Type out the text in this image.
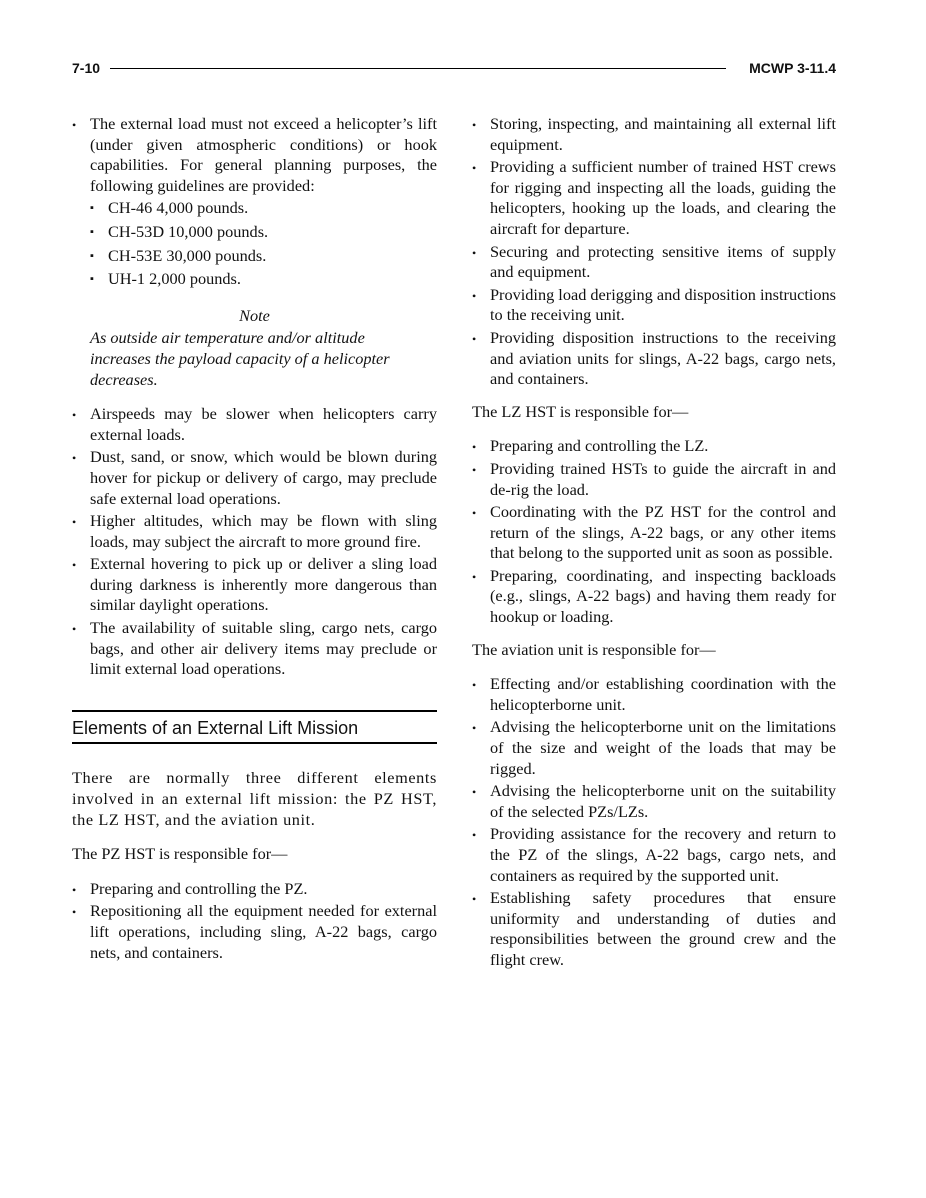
7-10	MCWP 3-11.4
• The external load must not exceed a helicopter’s lift (under given atmospheric conditions) or hook capabilities. For general planning purposes, the following guidelines are provided:
▪ CH-46 4,000 pounds.
▪ CH-53D 10,000 pounds.
▪ CH-53E 30,000 pounds.
▪ UH-1 2,000 pounds.
Note
As outside air temperature and/or altitude increases the payload capacity of a helicopter decreases.
• Airspeeds may be slower when helicopters carry external loads.
• Dust, sand, or snow, which would be blown during hover for pickup or delivery of cargo, may preclude safe external load operations.
• Higher altitudes, which may be flown with sling loads, may subject the aircraft to more ground fire.
• External hovering to pick up or deliver a sling load during darkness is inherently more dangerous than similar daylight operations.
• The availability of suitable sling, cargo nets, cargo bags, and other air delivery items may preclude or limit external load operations.
Elements of an External Lift Mission

There are normally three different elements involved in an external lift mission: the PZ HST, the LZ HST, and the aviation unit.

The PZ HST is responsible for—

• Preparing and controlling the PZ.
• Repositioning all the equipment needed for external lift operations, including sling, A-22 bags, cargo nets, and containers.
• Storing, inspecting, and maintaining all external lift equipment.
• Providing a sufficient number of trained HST crews for rigging and inspecting all the loads, guiding the helicopters, hooking up the loads, and clearing the aircraft for departure.
• Securing and protecting sensitive items of supply and equipment.
• Providing load derigging and disposition instructions to the receiving unit.
• Providing disposition instructions to the receiving and aviation units for slings, A-22 bags, cargo nets, and containers.

The LZ HST is responsible for—

• Preparing and controlling the LZ.
• Providing trained HSTs to guide the aircraft in and de-rig the load.
• Coordinating with the PZ HST for the control and return of the slings, A-22 bags, or any other items that belong to the supported unit as soon as possible.
• Preparing, coordinating, and inspecting backloads (e.g., slings, A-22 bags) and having them ready for hookup or loading.

The aviation unit is responsible for—

• Effecting and/or establishing coordination with the helicopterborne unit.
• Advising the helicopterborne unit on the limitations of the size and weight of the loads that may be rigged.
• Advising the helicopterborne unit on the suitability of the selected PZs/LZs.
• Providing assistance for the recovery and return to the PZ of the slings, A-22 bags, cargo nets, and containers as required by the supported unit.
• Establishing safety procedures that ensure uniformity and understanding of duties and responsibilities between the ground crew and the flight crew.
